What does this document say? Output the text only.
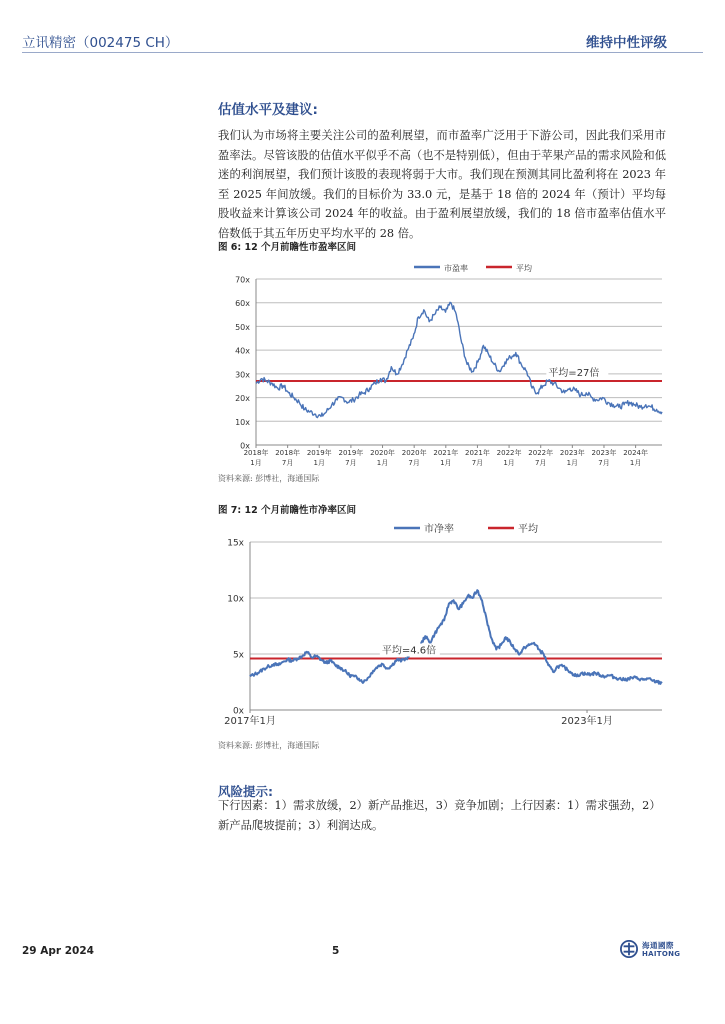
立讯精密（002475 CH）	维持中性评级
估值水平及建议:
我们认为市场将主要关注公司的盈利展望，而市盈率广泛用于下游公司，因此我们采用市盈率法。尽管该股的估值水平似乎不高（也不是特别低），但由于苹果产品的需求风险和低迷的利润展望，我们预计该股的表现将弱于大市。我们现在预测其同比盈利将在 2023 年至 2025 年间放缓。我们的目标价为 33.0 元，是基于 18 倍的 2024 年（预计）平均每股收益来计算该公司 2024 年的收益。由于盈利展望放缓，我们的 18 倍市盈率估值水平倍数低于其五年历史平均水平的 28 倍。
图 6: 12 个月前瞻性市盈率区间
0x
10x
20x
30x
40x
50x
60x
70x
2018年
1月
2018年
7月
2019年
1月
2019年
7月
2020年
1月
2020年
7月
2021年
1月
2021年
7月
2022年
1月
2022年
7月
2023年
1月
2023年
7月
2024年
1月
平均=27倍
市盈率	平均
资料来源: 彭博社，海通国际
图 7: 12 个月前瞻性市净率区间
0x
5x
10x
15x
2017年1月	2023年1月
平均=4.6倍
市净率	平均
资料来源: 彭博社，海通国际
风险提示:
下行因素：1）需求放缓，2）新产品推迟，3）竞争加剧；上行因素：1）需求强劲，2）新产品爬坡提前；3）利润达成。
29 Apr 2024	5	海通國際
HAITONG
